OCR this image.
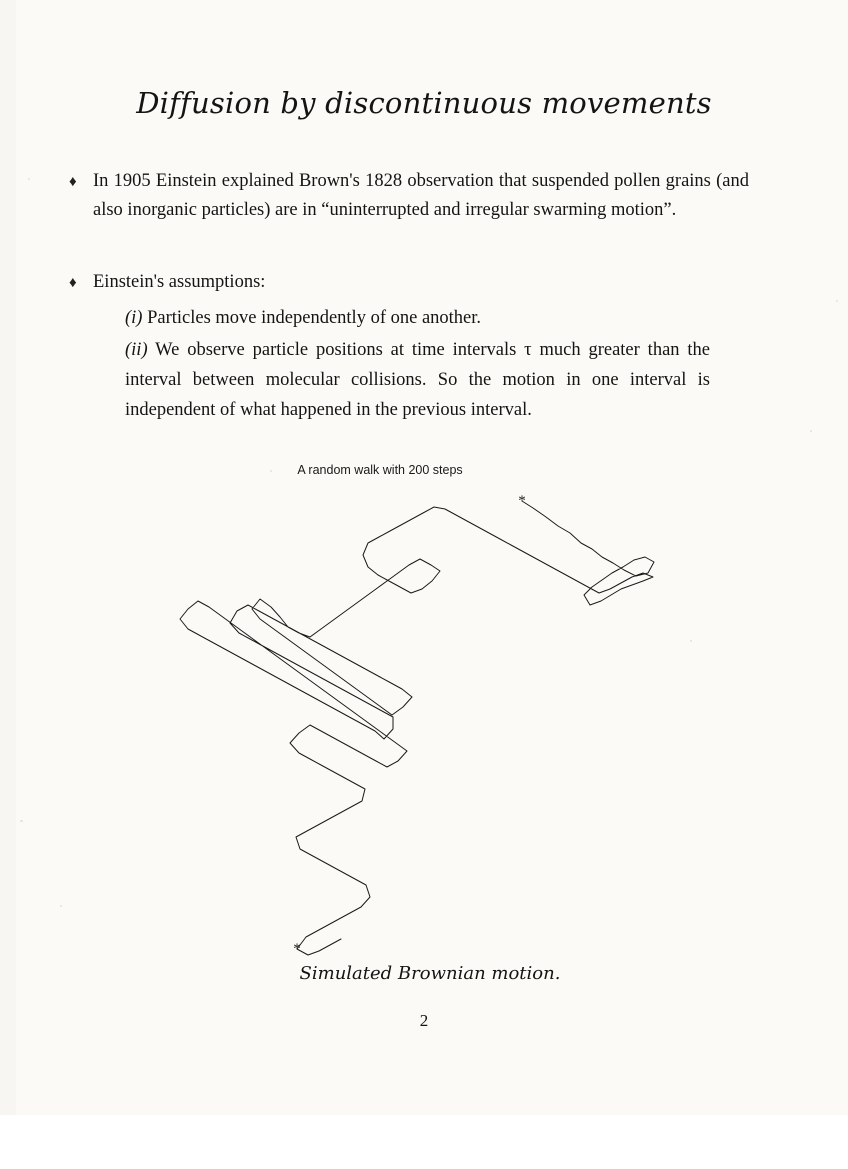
Diffusion by discontinuous movements
♦ In 1905 Einstein explained Brown's 1828 observation that suspended pollen grains (and also inorganic particles) are in “uninterrupted and irregular swarming motion”.
♦ Einstein's assumptions:
(i) Particles move independently of one another.
(ii) We observe particle positions at time intervals τ much greater than the interval between molecular collisions. So the motion in one interval is independent of what happened in the previous interval.
A random walk with 200 steps
*
*
Simulated Brownian motion.
2
